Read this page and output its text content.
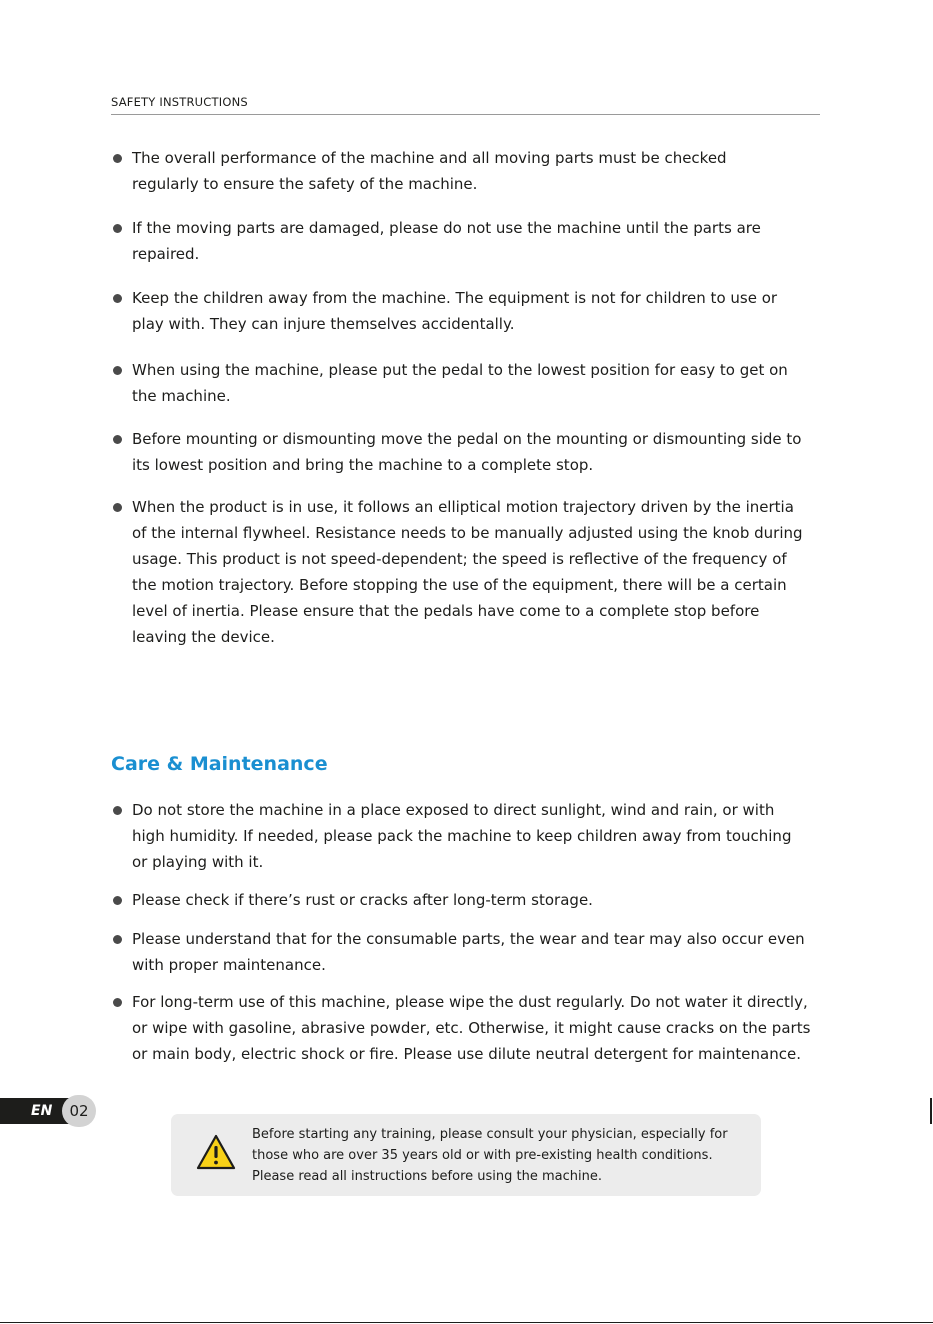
SAFETY INSTRUCTIONS
The overall performance of the machine and all moving parts must be checked regularly to ensure the safety of the machine.
If the moving parts are damaged, please do not use the machine until the parts are repaired.
Keep the children away from the machine. The equipment is not for children to use or play with. They can injure themselves accidentally.
When using the machine, please put the pedal to the lowest position for easy to get on the machine.
Before mounting or dismounting move the pedal on the mounting or dismounting side to its lowest position and bring the machine to a complete stop.
When the product is in use, it follows an elliptical motion trajectory driven by the inertia of the internal flywheel. Resistance needs to be manually adjusted using the knob during usage. This product is not speed-dependent; the speed is reflective of the frequency of the motion trajectory. Before stopping the use of the equipment, there will be a certain level of inertia. Please ensure that the pedals have come to a complete stop before leaving the device.
Care & Maintenance
Do not store the machine in a place exposed to direct sunlight, wind and rain, or with high humidity. If needed, please pack the machine to keep children away from touching or playing with it.
Please check if there’s rust or cracks after long-term storage.
Please understand that for the consumable parts, the wear and tear may also occur even with proper maintenance.
For long-term use of this machine, please wipe the dust regularly. Do not water it directly, or wipe with gasoline, abrasive powder, etc. Otherwise, it might cause cracks on the parts or main body, electric shock or fire. Please use dilute neutral detergent for maintenance.
EN	02
Before starting any training, please consult your physician, especially for those who are over 35 years old or with pre-existing health conditions. Please read all instructions before using the machine.
